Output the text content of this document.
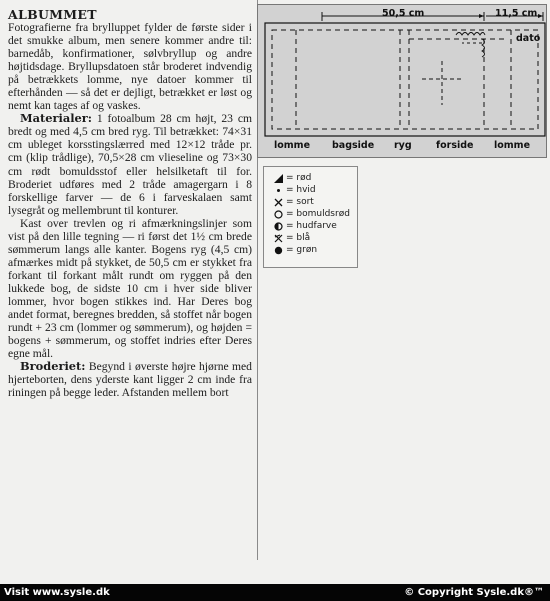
ALBUMMET

Fotografierne fra brylluppet fylder de første sider i det smukke album, men senere kommer andre til: barnedåb, konfirmationer, sølvbryllup og andre højtidsdage. Bryllupsdatoen står broderet indvendig på betrækkets lomme, nye datoer kommer til efterhånden — så det er dejligt, betrækket er løst og nemt kan tages af og vaskes.

Materialer: 1 fotoalbum 28 cm højt, 23 cm bredt og med 4,5 cm bred ryg. Til betrækket: 74×31 cm ubleget korsstingslærred med 12×12 tråde pr. cm (klip trådlige), 70,5×28 cm vlieseline og 73×30 cm rødt bomuldsstof eller helsilketaft til for. Broderiet udføres med 2 tråde amagergarn i 8 forskellige farver — de 6 i farveskalaen samt lysegråt og mellembrunt til konturer.

Kast over trevlen og ri afmærkningslinjer som vist på den lille tegning — ri først det 1½ cm brede sømmerum langs alle kanter. Bogens ryg (4,5 cm) afmærkes midt på stykket, de 50,5 cm er stykket fra forkant til forkant målt rundt om ryggen på den lukkede bog, de sidste 10 cm i hver side bliver lommer, hvor bogen stikkes ind. Har Deres bog andet format, beregnes bredden, så stoffet når bogen rundt + 23 cm (lommer og sømmerum), og højden = bogens + sømmerum, og stoffet indries efter Deres egne mål.

Broderiet: Begynd i øverste højre hjørne med hjerteborten, dens yderste kant ligger 2 cm inde fra riningen på begge leder. Afstanden mellem bort

50,5 cm	11,5 cm
dato
lomme bagside ryg	forside lomme
= rød
= hvid
= sort
= bomuldsrød
= hudfarve
= blå
= grøn
Visit www.sysle.dk	© Copyright Sysle.dk®™
